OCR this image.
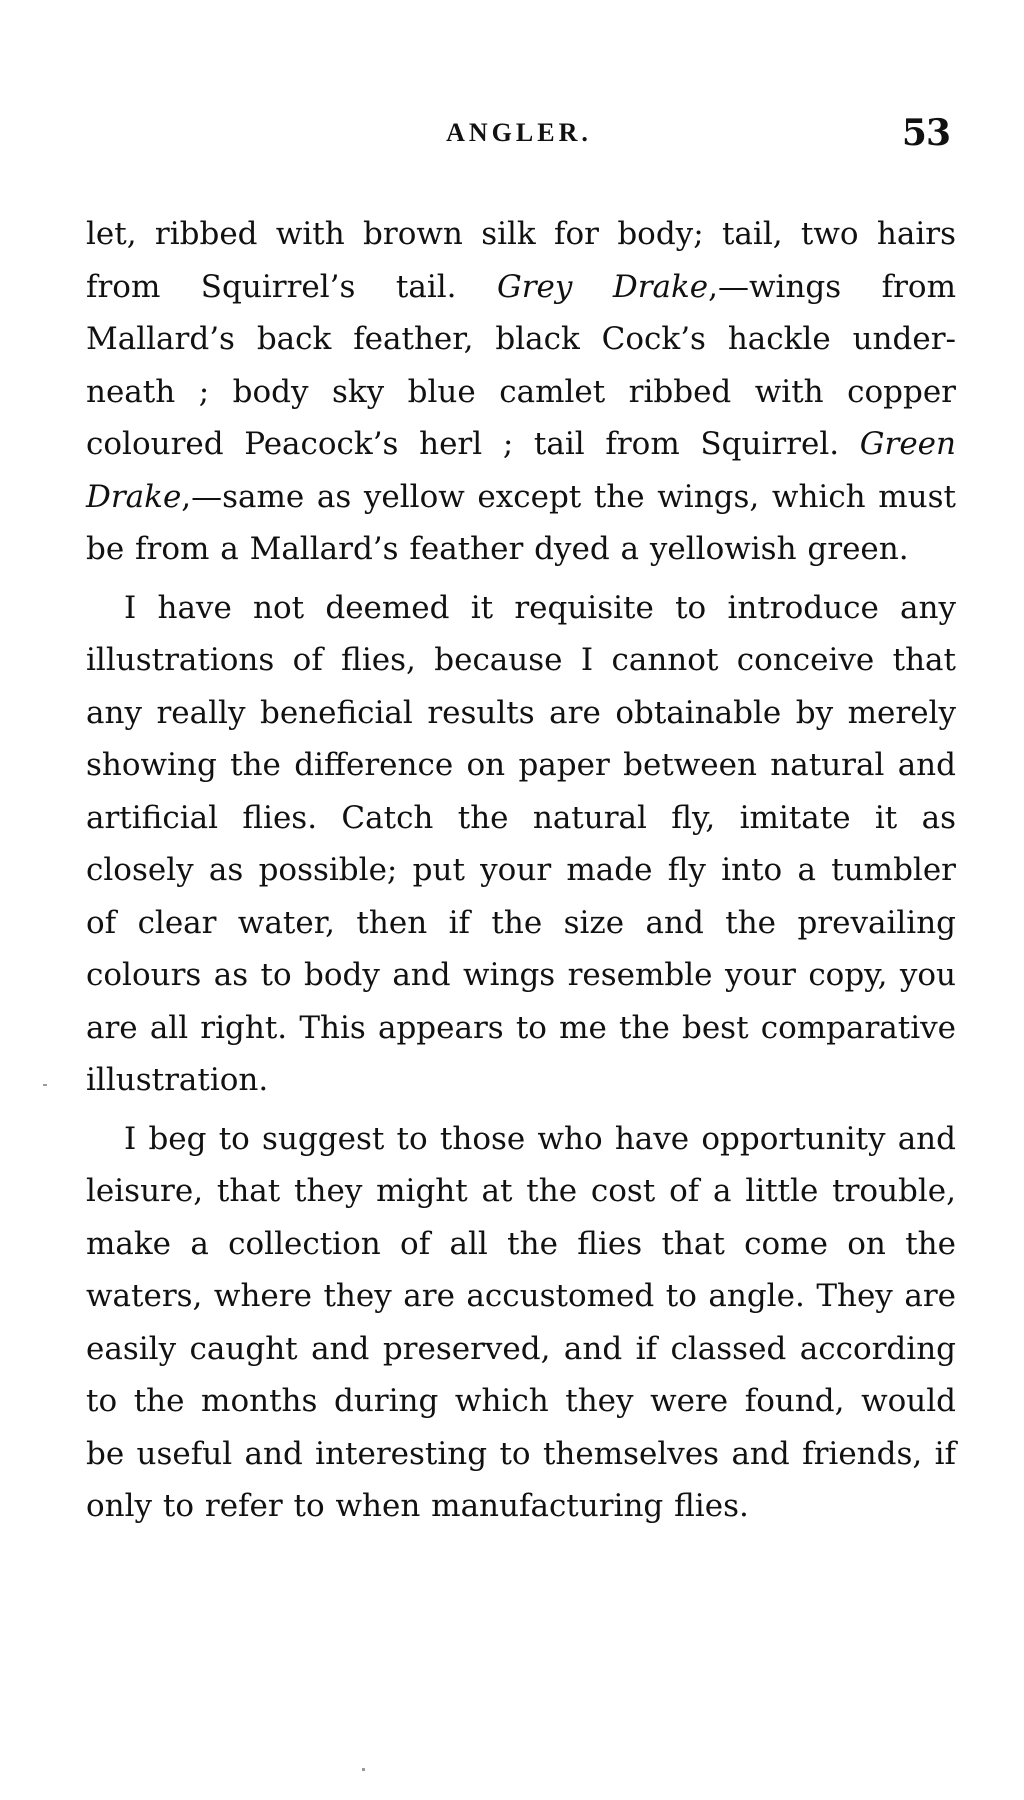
ANGLER.	53

let, ribbed with brown silk for body; tail, two hairs from Squirrel’s tail. Grey Drake,—wings from Mallard’s back feather, black Cock’s hackle underneath ; body sky blue camlet ribbed with copper coloured Peacock’s herl ; tail from Squirrel. Green Drake,—same as yellow except the wings, which must be from a Mallard’s feather dyed a yellowish green.

I have not deemed it requisite to introduce any illustrations of flies, because I cannot conceive that any really beneficial results are obtainable by merely showing the difference on paper between natural and artificial flies. Catch the natural fly, imitate it as closely as possible; put your made fly into a tumbler of clear water, then if the size and the prevailing colours as to body and wings resemble your copy, you are all right. This appears to me the best comparative illustration.

I beg to suggest to those who have opportunity and leisure, that they might at the cost of a little trouble, make a collection of all the flies that come on the waters, where they are accustomed to angle. They are easily caught and preserved, and if classed according to the months during which they were found, would be useful and interesting to themselves and friends, if only to refer to when manufacturing flies.
